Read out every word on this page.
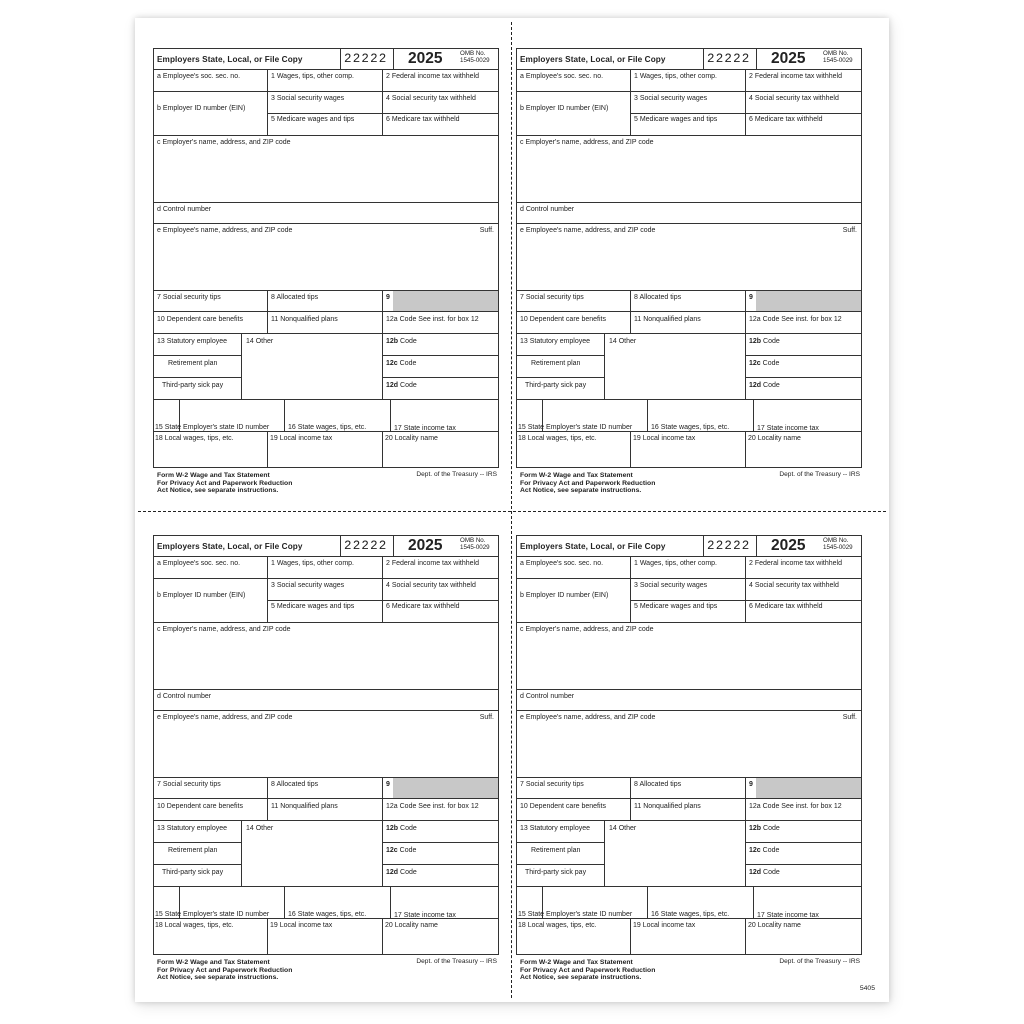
5405
Employers State, Local, or File Copy	22222 2025	OMB No.
1545-0029
a Employee's soc. sec. no.	1 Wages, tips, other comp.	2 Federal income tax withheld
3 Social security wages	4 Social security tax withheld
b Employer ID number (EIN)
5 Medicare wages and tips	6 Medicare tax withheld
c Employer's name, address, and ZIP code
d Control number
e Employee's name, address, and ZIP code	Suff.
7 Social security tips	8 Allocated tips	9
10 Dependent care benefits	11 Nonqualified plans	12a Code See inst. for box 12
13 Statutory employee	14 Other	12b Code
Retirement plan	12c Code
Third-party sick pay	12d Code
15 State Employer's state ID number	16 State wages, tips, etc.	17 State income tax
18 Local wages, tips, etc.	19 Local income tax	20 Locality name
Form W-2 Wage and Tax Statement
For Privacy Act and Paperwork Reduction
Act Notice, see separate instructions.
Dept. of the Treasury -- IRS
Employers State, Local, or File Copy	22222 2025	OMB No.
1545-0029
a Employee's soc. sec. no.	1 Wages, tips, other comp.	2 Federal income tax withheld
3 Social security wages	4 Social security tax withheld
b Employer ID number (EIN)
5 Medicare wages and tips	6 Medicare tax withheld
c Employer's name, address, and ZIP code
d Control number
e Employee's name, address, and ZIP code	Suff.
7 Social security tips	8 Allocated tips	9
10 Dependent care benefits	11 Nonqualified plans	12a Code See inst. for box 12
13 Statutory employee	14 Other	12b Code
Retirement plan	12c Code
Third-party sick pay	12d Code
15 State Employer's state ID number	16 State wages, tips, etc.	17 State income tax
18 Local wages, tips, etc.	19 Local income tax	20 Locality name
Form W-2 Wage and Tax Statement
For Privacy Act and Paperwork Reduction
Act Notice, see separate instructions.
Dept. of the Treasury -- IRS
Employers State, Local, or File Copy	22222 2025	OMB No.
1545-0029
a Employee's soc. sec. no.	1 Wages, tips, other comp.	2 Federal income tax withheld
3 Social security wages	4 Social security tax withheld
b Employer ID number (EIN)
5 Medicare wages and tips	6 Medicare tax withheld
c Employer's name, address, and ZIP code
d Control number
e Employee's name, address, and ZIP code	Suff.
7 Social security tips	8 Allocated tips	9
10 Dependent care benefits	11 Nonqualified plans	12a Code See inst. for box 12
13 Statutory employee	14 Other	12b Code
Retirement plan	12c Code
Third-party sick pay	12d Code
15 State Employer's state ID number	16 State wages, tips, etc.	17 State income tax
18 Local wages, tips, etc.	19 Local income tax	20 Locality name
Form W-2 Wage and Tax Statement
For Privacy Act and Paperwork Reduction
Act Notice, see separate instructions.
Dept. of the Treasury -- IRS
Employers State, Local, or File Copy	22222 2025	OMB No.
1545-0029
a Employee's soc. sec. no.	1 Wages, tips, other comp.	2 Federal income tax withheld
3 Social security wages	4 Social security tax withheld
b Employer ID number (EIN)
5 Medicare wages and tips	6 Medicare tax withheld
c Employer's name, address, and ZIP code
d Control number
e Employee's name, address, and ZIP code	Suff.
7 Social security tips	8 Allocated tips	9
10 Dependent care benefits	11 Nonqualified plans	12a Code See inst. for box 12
13 Statutory employee	14 Other	12b Code
Retirement plan	12c Code
Third-party sick pay	12d Code
15 State Employer's state ID number	16 State wages, tips, etc.	17 State income tax
18 Local wages, tips, etc.	19 Local income tax	20 Locality name
Form W-2 Wage and Tax Statement
For Privacy Act and Paperwork Reduction
Act Notice, see separate instructions.
Dept. of the Treasury -- IRS
